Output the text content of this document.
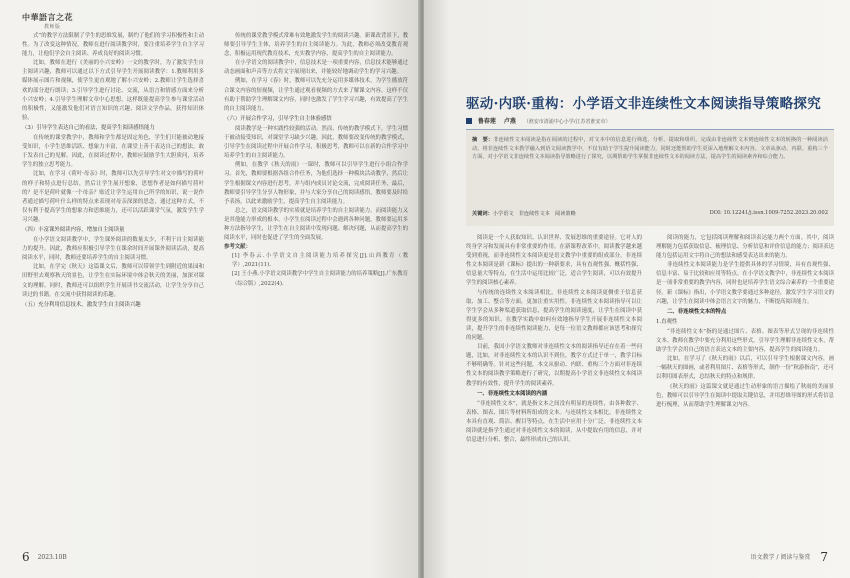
中華語言之花
教师版

式”的教学方法限制了学生的思维发展，制约了他们的学习积极性和主动性。为了改变这种情况，教师在进行阅读教学时，要注重培养学生自主学习能力，让他们学会自主阅读、养成良好的阅读习惯。

比如，教师在进行《美丽的小兴安岭》一文的教学时，为了激发学生自主阅读兴趣，教师可以通过以下方式引导学生开展阅读教学：1.教师利用多媒体展示图片和视频，使学生更直观地了解小兴安岭；2.教师让学生选择喜欢的部分进行朗读；3.引导学生进行讨论、交流，从语言和情感方面来分析小兴安岭；4.引导学生理解文章中心思想。这样既能提高学生参与课堂活动的积极性，又能激发他们对语言知识的兴趣，阅读文学作品，获得知识体验。

（3）引导学生表达自己的看法，提高学生阅读感悟能力

在传统的课堂教学中，教师和学生都是固定角色，学生们只能被动地接受知识，小学生思维活跃、想象力丰富，在课堂上善于表达自己的想法，敢于发表自己的见解。因此，在阅读过程中，教师应鼓励学生大胆质问，培养学生的独立思考能力。

比如，在学习《荷叶·母亲》时，教师可以先引导学生对文中描写的荷叶的样子和特点进行总结，然后让学生展开想象，思想作者是如何描写荷叶的？是不是荷叶就像一个母亲？贴近让学生运用自己所学的知识，说一说作者通过描写荷叶什么样的特点来表现对母亲深深的思念，通过这种方式，不仅有利于提高学生的想象力和思维能力，还可以活跃课堂气氛，激发学生学习兴趣。

（四）丰富课外阅读内容，增加自主阅读量

在小学语文阅读教学中，学生课外阅读的数量太少，不利于自主阅读能力的提升。因此，教师应积极引导学生在课余时间开展课外阅读活动，提高阅读水平，同时，教师还要培养学生的自主阅读习惯。

比如，在学完《秋天》这篇课文后，教师可以带领学生到附近的果园和田野里去观察秋天的景色，让学生在实际环境中体会秋天的美丽，加深对课文的理解。同时，教师还可以组织学生开展读书交流活动，让学生分享自己读过的书籍，在交流中获得阅读的乐趣。

（五）充分利用信息技术，激发学生自主阅读兴趣

传统的课堂教学模式常难有效地激发学生的阅读兴趣。新课改背景下，教师要引导学生主体，培养学生的自主阅读能力。为此，教师必须改变教育观念，积极运用现代教育技术，充实教学内容，提高学生的自主阅读能力。

在小学语文的阅读教学中，信息技术是一项重要内容，信息技术能够通过动态画面和声音等方式将文字展现出来，并能较好地调动学生的学习兴趣。

例如，在学习《春》时，教师可以先充分运用多媒体技术，为学生播放符合课文内容的短视频，让学生通过观看视频的方式来了解课文内容，这样不仅有助于帮助学生理解课文内容，同时也激发了学生学习兴趣，有效提高了学生的自主阅读能力。

（六）开展合作学习，引导学生自主体验感悟

阅读教学是一种实践性较强的活动。然而，传统的教学模式下，学生习惯于被动接受知识，对课堂学习缺少兴趣。因此，教师要改变传统的教学模式，引导学生在阅读过程中开展合作学习，积极思考，教师可以在新的合作学习中培养学生的自主阅读能力。

例如，在教学《秋天的雨》一课时，教师可以引导学生进行小组合作学习。首先，教师要根据各组合作任务，为他们选择一种模块活动教学，然后让学生根据课文内容进行思考，并与组内成员讨论交流，完成阅读任务，最后，教师要引导学生分享人物形象，并与大家分享自己的阅读感悟，教师要及时给予表扬，以此来激励学生，提高学生自主阅读能力。

总之，语文阅读教学的实质就是培养学生的自主阅读能力。而阅读能力又是其他能力形成的根本。小学生在阅读过程中会遇到各种问题，教师要运用多种方法指导学生，让学生在自主阅读中发现问题、解决问题，从而提高学生的阅读水平，同时也促进了学生的全面发展。

参考文献：

[1] 李春云.小学语文自主阅读能力培养探究[J].山西教育（教学）,2021(11).

[2] 王小燕.小学语文阅读教学中学生自主阅读能力的培养策略[J].广东教育（综合版）,2022(4).

6 2023.10B
驱动·内联·重构：小学语文非连续性文本阅读指导策略探究
鲁春莲 卢燕 （淮安市清浦中心小学/江苏省淮安市）
摘　要：非连续性文本阅读是指在阅读的过程中，对文本中的信息进行筛选、分析、提取和组织，完成由非连续性文本到连续性文本的转换的一种阅读活动。将非连续性文本教学融入到语文阅读教学中，不仅有助于学生提升阅读能力，同时还能帮助学生更深入地理解文本内容。文章从驱动、内联、重构三个方面，对小学语文非连续性文本阅读指导策略进行了探究，以期帮助学生掌握非连续性文本的阅读方法，提高学生的阅读素养和综合能力。
关键词：小学语文　非连续性文本　阅读策略	DOI: 10.12241/j.issn.1009-7252.2023.20.002

阅读是一个人获取知识、认识世界、发展思维的重要途径。它对人的终身学习和发展具有非常重要的作用。在新课程改革中，阅读教学越来越受到重视，而非连续性文本阅读更是语文教学中重要的组成部分。非连续性文本阅读是新《课标》提出的一种新要求，具有直观性强、概括性强、信息量大等特点，在生活中运用比较广泛，适合学生阅读，可以有效提升学生的阅读核心素养。

与传统的连续性文本阅读相比，非连续性文本阅读更侧重于信息获取、加工、整合等方面，更加注重实用性。非连续性文本阅读指导可以让学生学会从多种渠道获取信息，提高学生的阅读速度，让学生在阅读中获得更多的知识。在教学实践中如何有效地指导学生开展非连续性文本阅读，提升学生的非连续性阅读能力，是每一位语文教师都应该思考和探究的问题。

目前，我国小学语文教师对非连续性文本的阅读指导还存在着一些问题，比如，对非连续性文本的认识不到位，教学方式过于单一，教学目标不够明确等。针对这些问题，本文从驱动、内联、重构三个方面对非连续性文本的阅读教学策略进行了研究，以期提高小学语文非连续性文本阅读教学的有效性，提升学生的阅读素养。

一、非连续性文本阅读的内涵

“非连续性文本”，就是指文本之间没有明显的连续性，由各种数字、表格、图表、图片等材料所组成的文本。与连续性文本相比，非连续性文本具有直观、简洁、醒目等特点，在生活中应用十分广泛。非连续性文本阅读就是指学生通过对非连续性文本的阅读，从中提取有用的信息，并对信息进行分析、整合，最终形成自己的认识。

阅读的能力，它包括阅读理解和阅读表达能力两个方面。其中，阅读理解能力包括获取信息、梳理信息、分析信息和评价信息的能力；阅读表达能力包括运用文字将自己的想法和感受表达出来的能力。

非连续性文本阅读能力是学生提供具体的学习情境，具有直观性强、信息丰富、易于比较和应用等特点。在小学语文教学中，非连续性文本阅读是一项非常重要的教学内容，同时也是培养学生语文综合素养的一个重要途径。新《课标》指出，小学语文教学要通过多种途径，激发学生学习语文的兴趣，让学生在阅读中体会语言文字的魅力，不断提高阅读能力。

二、非连续性文本的特点
1.直观性

“非连续性文本”指的是通过图片、表格、图表等形式呈现的非连续性文本。教师在教学中要充分利用这些形式，引导学生理解非连续性文本，帮助学生学会用自己的语言表达文本的主要内容，提高学生的阅读能力。

比如，在学习了《秋天的雨》以后，可以引导学生根据课文内容，画一幅秋天的图画，或者利用图片、表格等形式，制作一份“秋游指南”，还可以利用图表形式，总结秋天的特点和规律。

《秋天的雨》这篇课文就是通过生动形象的语言描绘了秋雨的美丽景色，教师可以引导学生在阅读中提取关键信息，并用思维导图的形式将信息进行梳理，从而帮助学生理解课文内容。

语文教学 / 阅读与鉴赏 7
